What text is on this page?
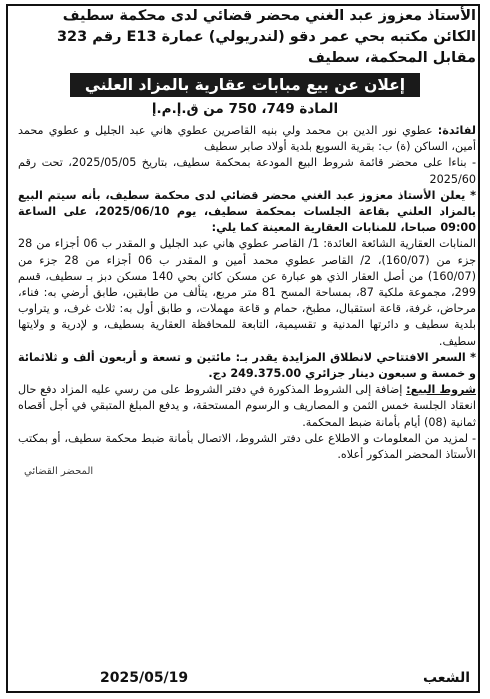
الأستاذ معزوز عبد الغني محضر قضائي لدى محكمة سطيف
الكائن مكتبه بحي عمر دقو (لندريولي) عمارة E13 رقم 323
مقابل المحكمة، سطيف
إعلان عن بيع مبابات عقارية بالمزاد العلني
المادة 749، 750 من ق.إ.م.إ

لفائدة: عطوي نور الدين بن محمد ولي بنيه القاصرين عطوي هاني عبد الجليل و عطوي محمد أمين، الساكن (ة) ب: بقرية السوبع بلدية أولاد صابر سطيف

- بناءا على محضر قائمة شروط البيع المودعة بمحكمة سطيف، بتاريخ 2025/05/05، تحت رقم 2025/60

* يعلن الأستاذ معزوز عبد الغني محضر قضائي لدى محكمة سطيف، بأنه سيتم البيع بالمزاد العلني بقاعة الجلسات بمحكمة سطيف، يوم 2025/06/10، على الساعة 09:00 صباحا، للمنابات العقارية المعينة كما يلي:

المنابات العقارية الشائعة العائدة: 1/ القاصر عطوي هاني عبد الجليل و المقدر ب 06 أجزاء من 28 جزء من (160/07)، 2/ القاصر عطوي محمد أمين و المقدر ب 06 أجزاء من 28 جزء من (160/07) من أصل العقار الذي هو عبارة عن مسكن كائن بحي 140 مسكن دبز بـ سطيف، قسم 299، مجموعة ملكية 87، بمساحة المسح 81 متر مربع، يتألف من طابقين، طابق أرضي به: فناء، مرحاض، غرفة، قاعة استقبال، مطبخ، حمام و قاعة مهملات، و طابق أول به: ثلاث غرف، و يتراوب بلدية سطيف و دائرتها المدنية و تقسيمية، التابعة للمحافظة العقارية بسطيف، و لإدرية و ولايتها سطيف.

* السعر الافتتاحي لانطلاق المزايدة يقدر بـ: مائتين و تسعة و أربعون ألف و ثلاثمائة و خمسة و سبعون دينار جزائري 249.375.00 دج.

شروط البيع: إضافة إلى الشروط المذكورة في دفتر الشروط على من رسي عليه المزاد دفع حال انعقاد الجلسة خمس الثمن و المصاريف و الرسوم المستحقة، و يدفع المبلغ المتبقي في أجل أقصاه ثمانية (08) أيام بأمانة ضبط المحكمة.

- لمزيد من المعلومات و الاطلاع على دفتر الشروط، الاتصال بأمانة ضبط محكمة سطيف، أو بمكتب الأستاذ المحضر المذكور أعلاه.

المحضر القضائي
الشعب
2025/05/19
